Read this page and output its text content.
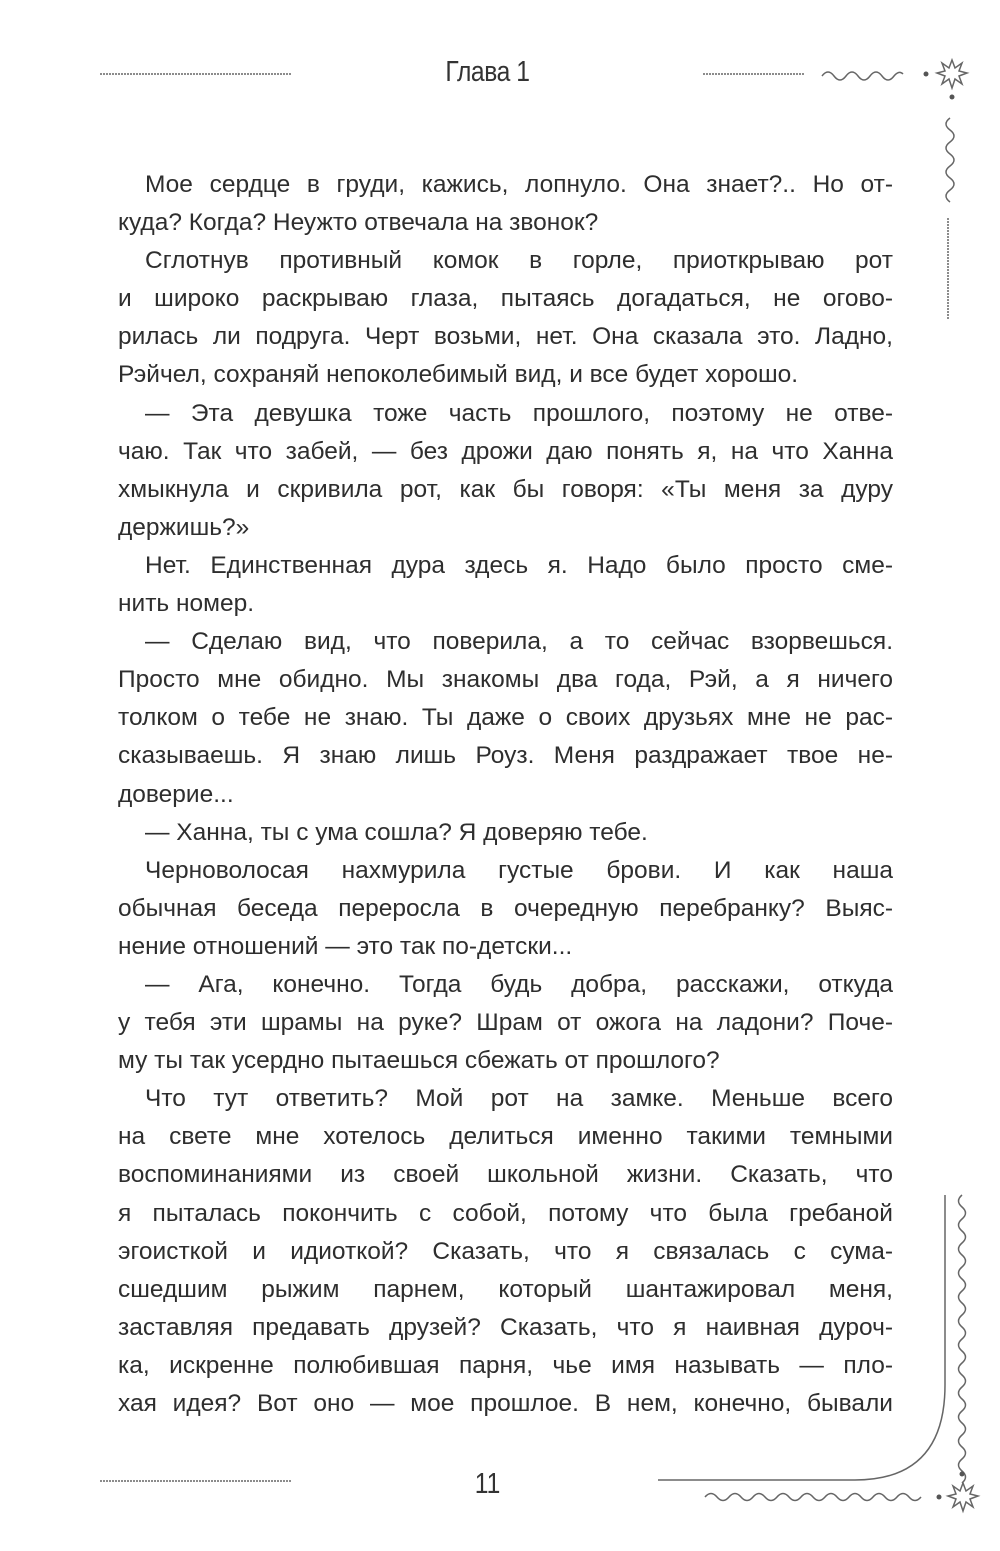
Глава 1
Мое сердце в груди, кажись, лопнуло. Она знает?.. Но от-
куда? Когда? Неужто отвечала на звонок?
Сглотнув противный комок в горле, приоткрываю рот
и широко раскрываю глаза, пытаясь догадаться, не огово-
рилась ли подруга. Черт возьми, нет. Она сказала это. Ладно,
Рэйчел, сохраняй непоколебимый вид, и все будет хорошо.
— Эта девушка тоже часть прошлого, поэтому не отве-
чаю. Так что забей, — без дрожи даю понять я, на что Ханна
хмыкнула и скривила рот, как бы говоря: «Ты меня за дуру
держишь?»
Нет. Единственная дура здесь я. Надо было просто сме-
нить номер.
— Сделаю вид, что поверила, а то сейчас взорвешься.
Просто мне обидно. Мы знакомы два года, Рэй, а я ничего
толком о тебе не знаю. Ты даже о своих друзьях мне не рас-
сказываешь. Я знаю лишь Роуз. Меня раздражает твое не-
доверие...
— Ханна, ты с ума сошла? Я доверяю тебе.
Черноволосая нахмурила густые брови. И как наша
обычная беседа переросла в очередную перебранку? Выяс-
нение отношений — это так по-детски...
— Ага, конечно. Тогда будь добра, расскажи, откуда
у тебя эти шрамы на руке? Шрам от ожога на ладони? Поче-
му ты так усердно пытаешься сбежать от прошлого?
Что тут ответить? Мой рот на замке. Меньше всего
на свете мне хотелось делиться именно такими темными
воспоминаниями из своей школьной жизни. Сказать, что
я пыталась покончить с собой, потому что была гребаной
эгоисткой и идиоткой? Сказать, что я связалась с сума-
сшедшим рыжим парнем, который шантажировал меня,
заставляя предавать друзей? Сказать, что я наивная дуроч-
ка, искренне полюбившая парня, чье имя называть — пло-
хая идея? Вот оно — мое прошлое. В нем, конечно, бывали
11
